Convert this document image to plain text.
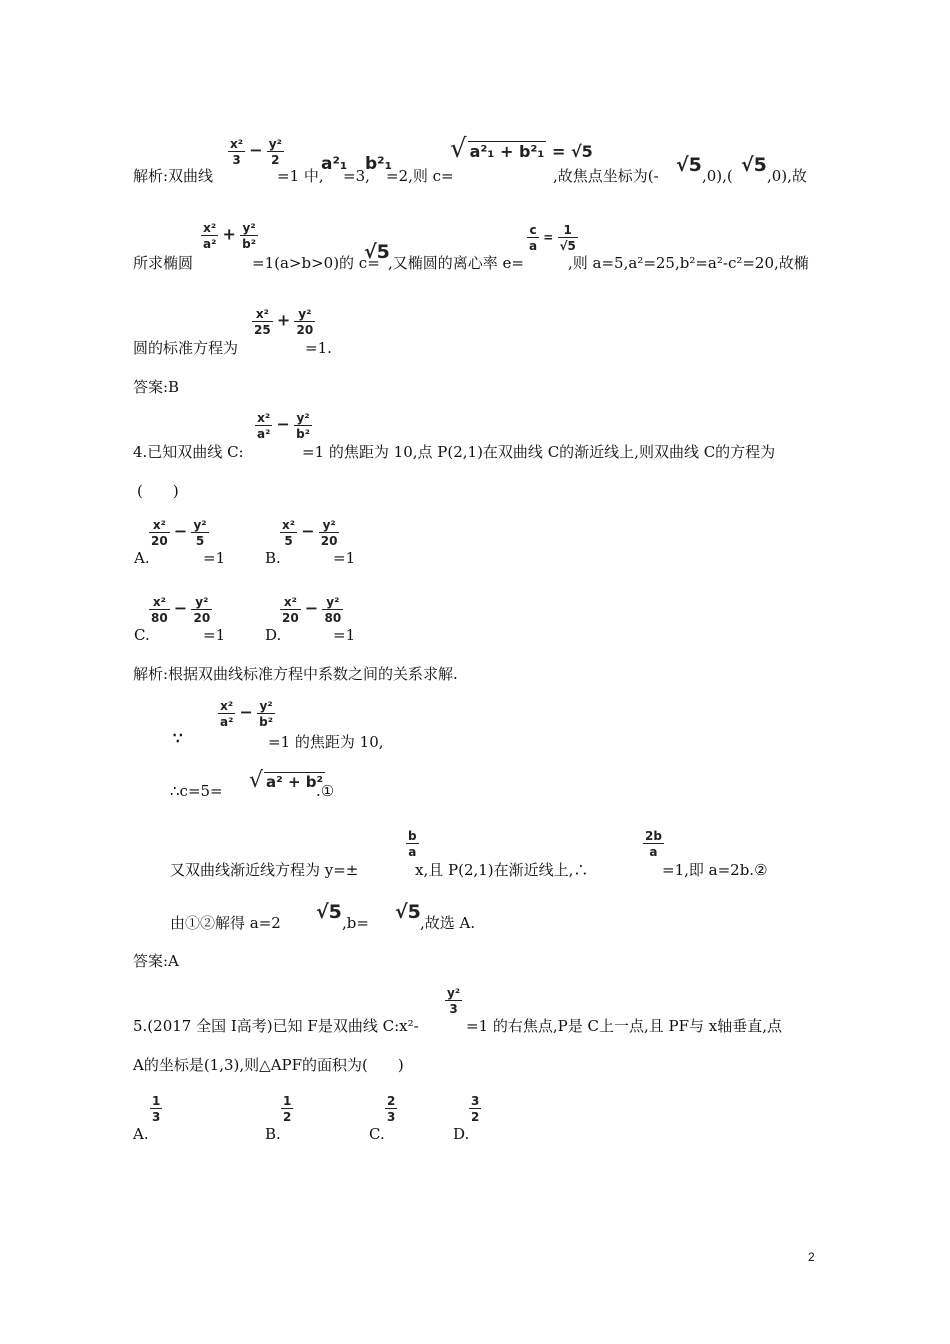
解析:双曲线
$\frac{\text{x²}}{3} - \frac{\text{y²}}{2}$
=1 中,
a²₁
=3,
b²₁
=2,则 c =
√ a²₁ + b²₁ = √5
,故焦点坐标为(- √5 ,0),( √5 ,0),故
所求椭圆
$\frac{\text{x²}}{\text{a²}} + \frac{\text{y²}}{\text{b²}}$
=1(a>b>0)的 c=
√5
,又椭圆的离心率 e=
$\frac{c}{a} = \frac{1}{√5}$
,则 a=5,a²=25,b²=a²-c²=20,故椭
圆的标准方程为
$\frac{\text{x²}}{25} + \frac{\text{y²}}{20}$
=1.
答案:B
4.已知双曲线 C:
$\frac{\text{x²}}{\text{a²}} - \frac{\text{y²}}{\text{b²}}$
=1 的焦距为 10,点 P(2,1)在双曲线 C的渐近线上,则双曲线 C的方程为
(　　)
A.
$\frac{\text{x²}}{20} - \frac{\text{y²}}{5}$
=1	B.
$\frac{\text{x²}}{5} - \frac{\text{y²}}{20}$
=1
C.
$\frac{\text{x²}}{80} - \frac{\text{y²}}{20}$
=1	D.
$\frac{\text{x²}}{20} - \frac{\text{y²}}{80}$
=1
解析:根据双曲线标准方程中系数之间的关系求解.
∵
$\frac{\text{x²}}{\text{a²}} - \frac{\text{y²}}{\text{b²}}$
=1 的焦距为 10,
∴c=5= √ a² + b²
.①
又双曲线渐近线方程为 y=±
$\frac{b}{a}$
x,且 P(2,1)在渐近线上,∴
$\frac{2b}{a}$
=1,即 a=2b.②
由①②解得 a=2 √5 ,b= √5 ,故选 A.
答案:A
5.(2017 全国 Ⅰ高考)已知 F是双曲线 C:x²-
$\frac{\text{y²}}{3}$
=1 的右焦点,P是 C上一点,且 PF与 x轴垂直,点
A的坐标是(1,3),则△APF的面积为(　　)
A.
$\frac{1}{3}$
B.
$\frac{1}{2}$
C.
$\frac{2}{3}$
D.
$\frac{3}{2}$
2
